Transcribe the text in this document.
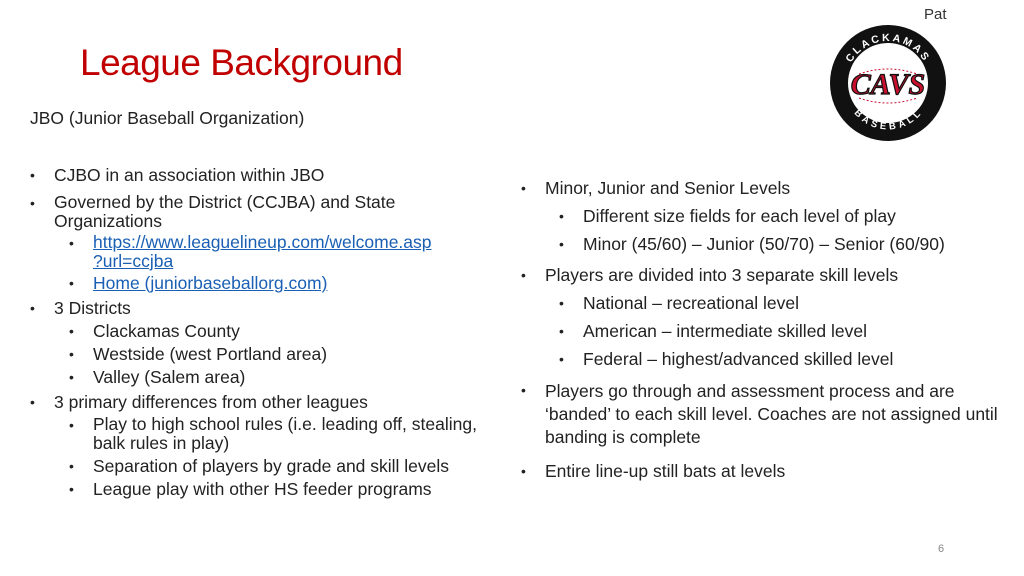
Pat
League Background
JBO (Junior Baseball Organization)
CLACKAMAS
BASEBALL
CAVS
• CJBO in an association within JBO
• Governed by the District (CCJBA) and State Organizations
• https://www.leaguelineup.com/welcome.asp
?url=ccjba
• Home (juniorbaseballorg.com)
• 3 Districts
• Clackamas County
• Westside (west Portland area)
• Valley (Salem area)
• 3 primary differences from other leagues
• Play to high school rules (i.e. leading off, stealing, balk rules in play)
• Separation of players by grade and skill levels
• League play with other HS feeder programs
• Minor, Junior and Senior Levels
• Different size fields for each level of play
• Minor (45/60) – Junior (50/70) – Senior (60/90)
• Players are divided into 3 separate skill levels
• National – recreational level
• American – intermediate skilled level
• Federal – highest/advanced skilled level
• Players go through and assessment process and are ‘banded’ to each skill level. Coaches are not assigned until banding is complete
• Entire line-up still bats at levels
6
